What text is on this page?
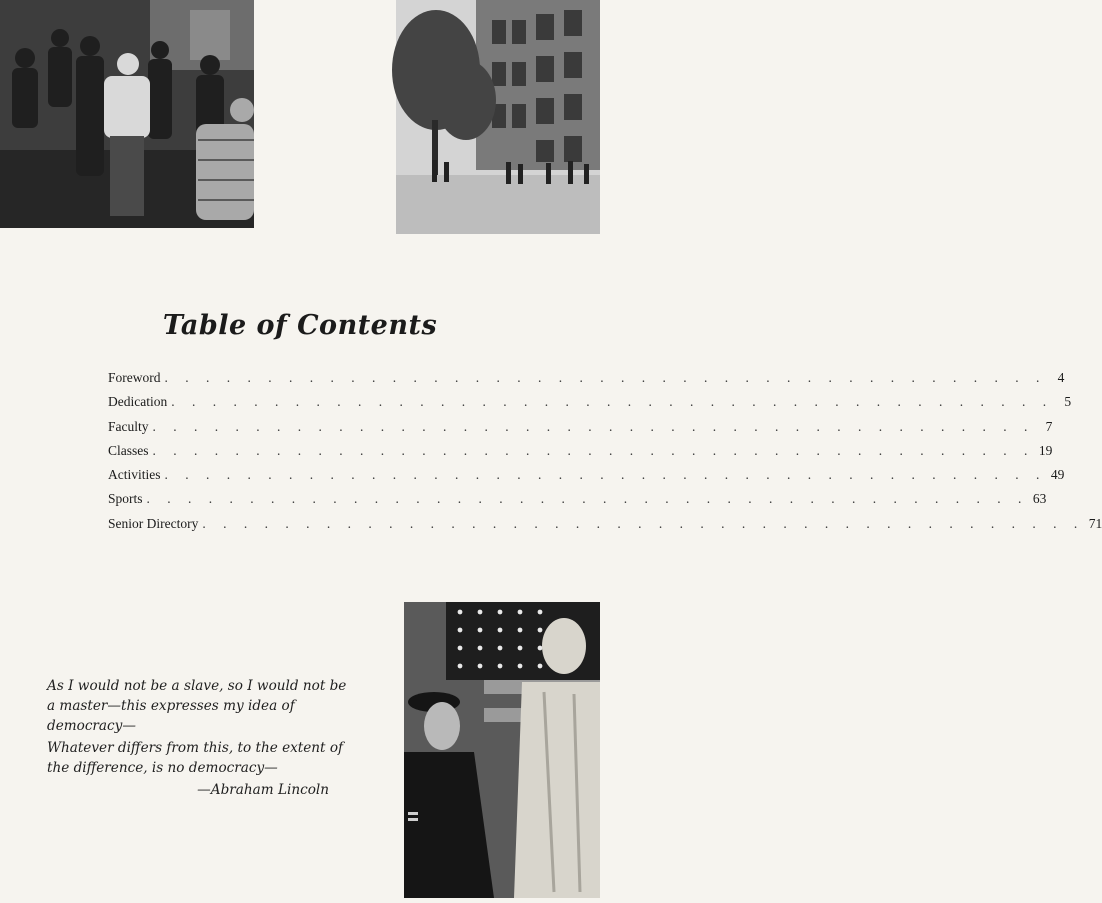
Table of Contents
Foreword . . . . . . . . . . . . . . . . . . . . . . . . . . . . . . . . . . . . . . . . . . . 4
Dedication . . . . . . . . . . . . . . . . . . . . . . . . . . . . . . . . . . . . . . . . . . . 5
Faculty . . . . . . . . . . . . . . . . . . . . . . . . . . . . . . . . . . . . . . . . . . . 7
Classes . . . . . . . . . . . . . . . . . . . . . . . . . . . . . . . . . . . . . . . . . . . 19
Activities . . . . . . . . . . . . . . . . . . . . . . . . . . . . . . . . . . . . . . . . . . . 49
Sports . . . . . . . . . . . . . . . . . . . . . . . . . . . . . . . . . . . . . . . . . . . 63
Senior Directory . . . . . . . . . . . . . . . . . . . . . . . . . . . . . . . . . . . . . . . . . . . 71

As I would not be a slave, so I would not be a master—this expresses my idea of democracy—

Whatever differs from this, to the extent of the difference, is no democracy—

—Abraham Lincoln
